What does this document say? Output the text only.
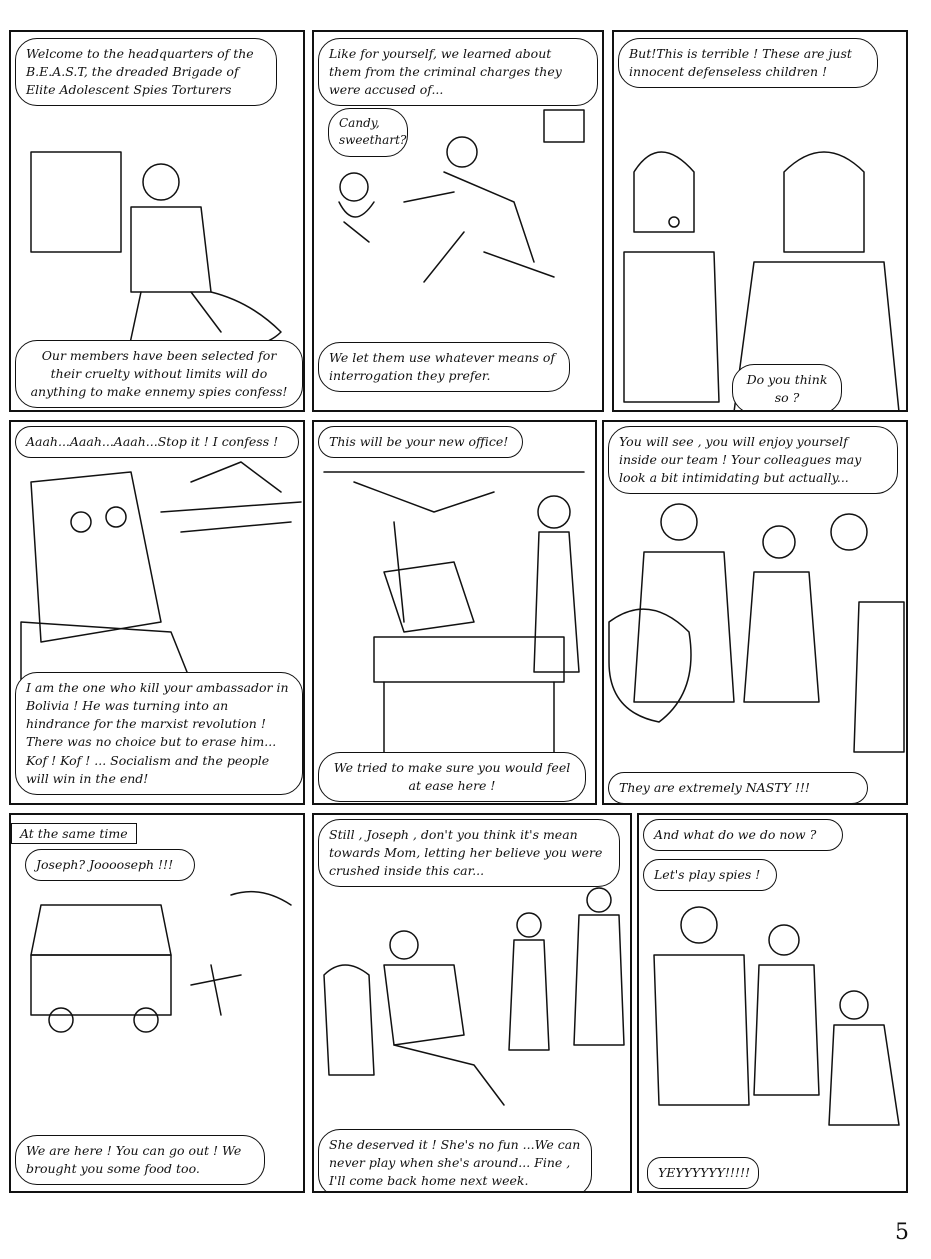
Welcome to the headquarters of the B.E.A.S.T, the dreaded Brigade of Elite Adolescent Spies Torturers
Our members have been selected for their cruelty without limits will do anything to make ennemy spies confess!
Like for yourself, we learned about them from the criminal charges they were accused of...
Candy, sweethart?
We let them use whatever means of interrogation they prefer.
But!This is terrible ! These are just innocent defenseless children !
Do you think so ?
Aaah...Aaah...Aaah...Stop it ! I confess !
I am the one who kill your ambassador in Bolivia ! He was turning into an hindrance for the marxist revolution ! There was no choice but to erase him... Kof ! Kof ! ... Socialism and the people will win in the end!
This will be your new office!
We tried to make sure you would feel at ease here !
You will see , you will enjoy yourself inside our team ! Your colleagues may look a bit intimidating but actually...
They are extremely NASTY !!!
At the same time
Joseph? Jooooseph !!!
We are here ! You can go out ! We brought you some food too.
Still , Joseph , don't you think it's mean towards Mom, letting her believe you were crushed inside this car...
She deserved it ! She's no fun ...We can never play when she's around... Fine , I'll come back home next week.
And what do we do now ?
Let's play spies !
YEYYYYYY!!!!!
5
